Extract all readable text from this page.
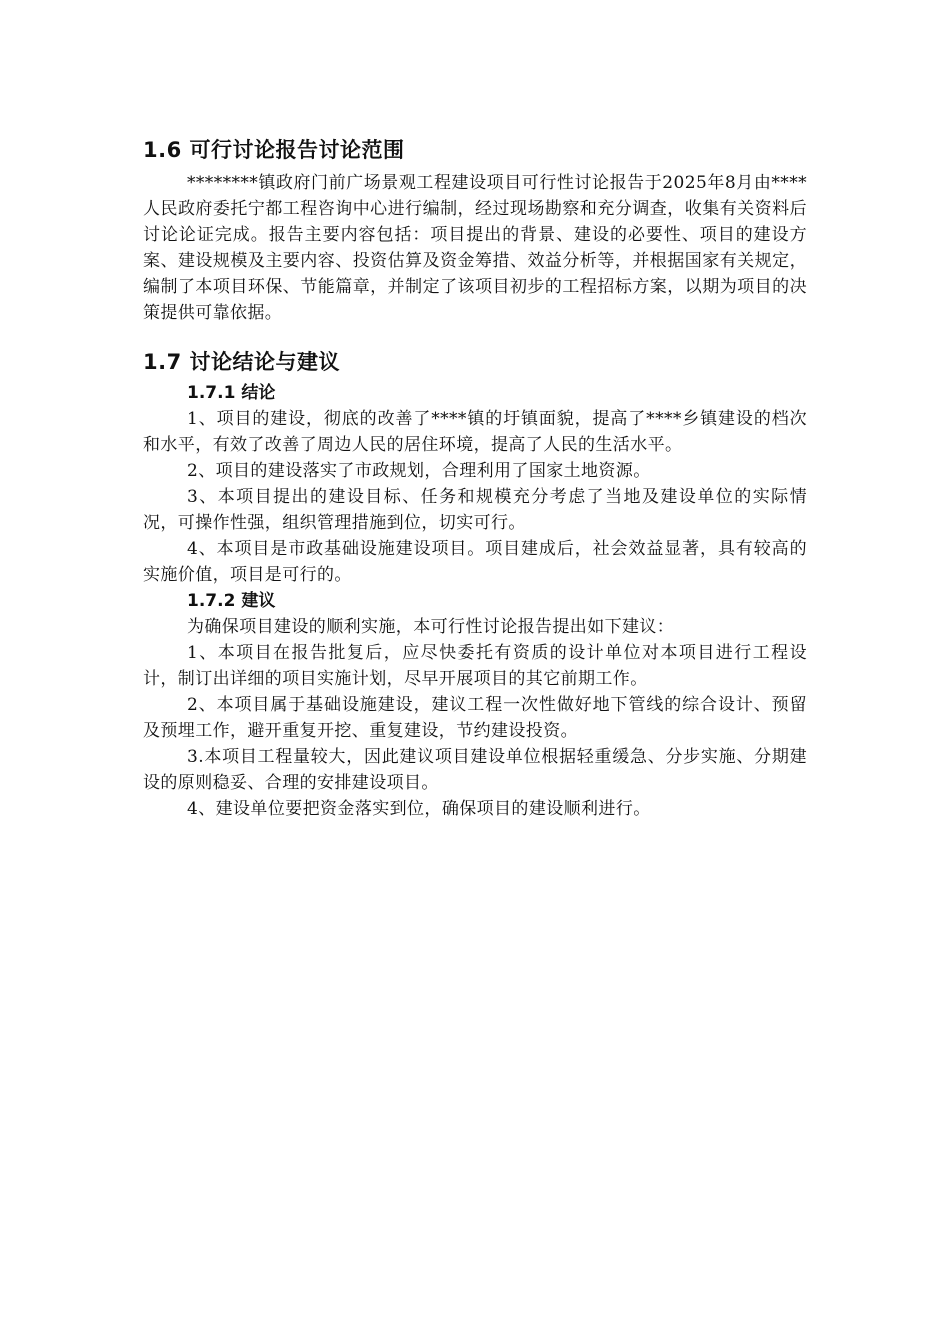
1.6 可行讨论报告讨论范围

********镇政府门前广场景观工程建设项目可行性讨论报告于2025年8月由****人民政府委托宁都工程咨询中心进行编制，经过现场勘察和充分调查，收集有关资料后讨论论证完成。报告主要内容包括：项目提出的背景、建设的必要性、项目的建设方案、建设规模及主要内容、投资估算及资金筹措、效益分析等，并根据国家有关规定，编制了本项目环保、节能篇章，并制定了该项目初步的工程招标方案，以期为项目的决策提供可靠依据。

1.7 讨论结论与建议
1.7.1 结论

1、项目的建设，彻底的改善了****镇的圩镇面貌，提高了****乡镇建设的档次和水平，有效了改善了周边人民的居住环境，提高了人民的生活水平。

2、项目的建设落实了市政规划，合理利用了国家土地资源。

3、本项目提出的建设目标、任务和规模充分考虑了当地及建设单位的实际情况，可操作性强，组织管理措施到位，切实可行。

4、本项目是市政基础设施建设项目。项目建成后，社会效益显著，具有较高的实施价值，项目是可行的。

1.7.2 建议

为确保项目建设的顺利实施，本可行性讨论报告提出如下建议：

1、本项目在报告批复后，应尽快委托有资质的设计单位对本项目进行工程设计，制订出详细的项目实施计划，尽早开展项目的其它前期工作。

2、本项目属于基础设施建设，建议工程一次性做好地下管线的综合设计、预留及预埋工作，避开重复开挖、重复建设，节约建设投资。

3.本项目工程量较大，因此建议项目建设单位根据轻重缓急、分步实施、分期建设的原则稳妥、合理的安排建设项目。

4、建设单位要把资金落实到位，确保项目的建设顺利进行。
